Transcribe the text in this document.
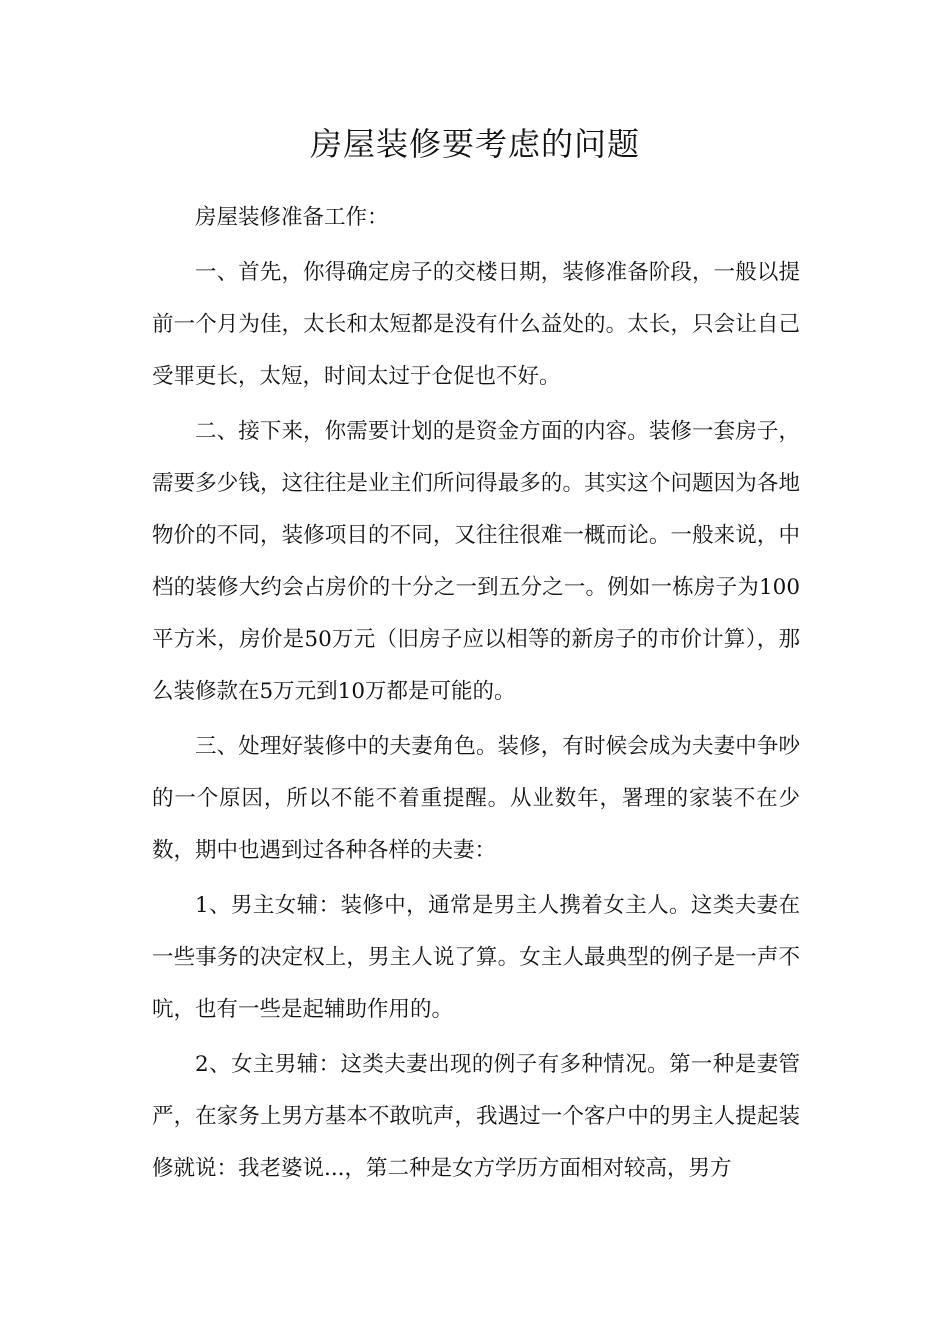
房屋装修要考虑的问题

房屋装修准备工作：

一、首先，你得确定房子的交楼日期，装修准备阶段，一般以提前一个月为佳，太长和太短都是没有什么益处的。太长，只会让自己受罪更长，太短，时间太过于仓促也不好。

二、接下来，你需要计划的是资金方面的内容。装修一套房子，需要多少钱，这往往是业主们所问得最多的。其实这个问题因为各地物价的不同，装修项目的不同，又往往很难一概而论。一般来说，中档的装修大约会占房价的十分之一到五分之一。例如一栋房子为100平方米，房价是50万元（旧房子应以相等的新房子的市价计算），那么装修款在5万元到10万都是可能的。

三、处理好装修中的夫妻角色。装修，有时候会成为夫妻中争吵的一个原因，所以不能不着重提醒。从业数年，署理的家装不在少数，期中也遇到过各种各样的夫妻：

1、男主女辅：装修中，通常是男主人携着女主人。这类夫妻在一些事务的决定权上，男主人说了算。女主人最典型的例子是一声不吭，也有一些是起辅助作用的。

2、女主男辅：这类夫妻出现的例子有多种情况。第一种是妻管严，在家务上男方基本不敢吭声，我遇过一个客户中的男主人提起装修就说：我老婆说...，第二种是女方学历方面相对较高，男方
